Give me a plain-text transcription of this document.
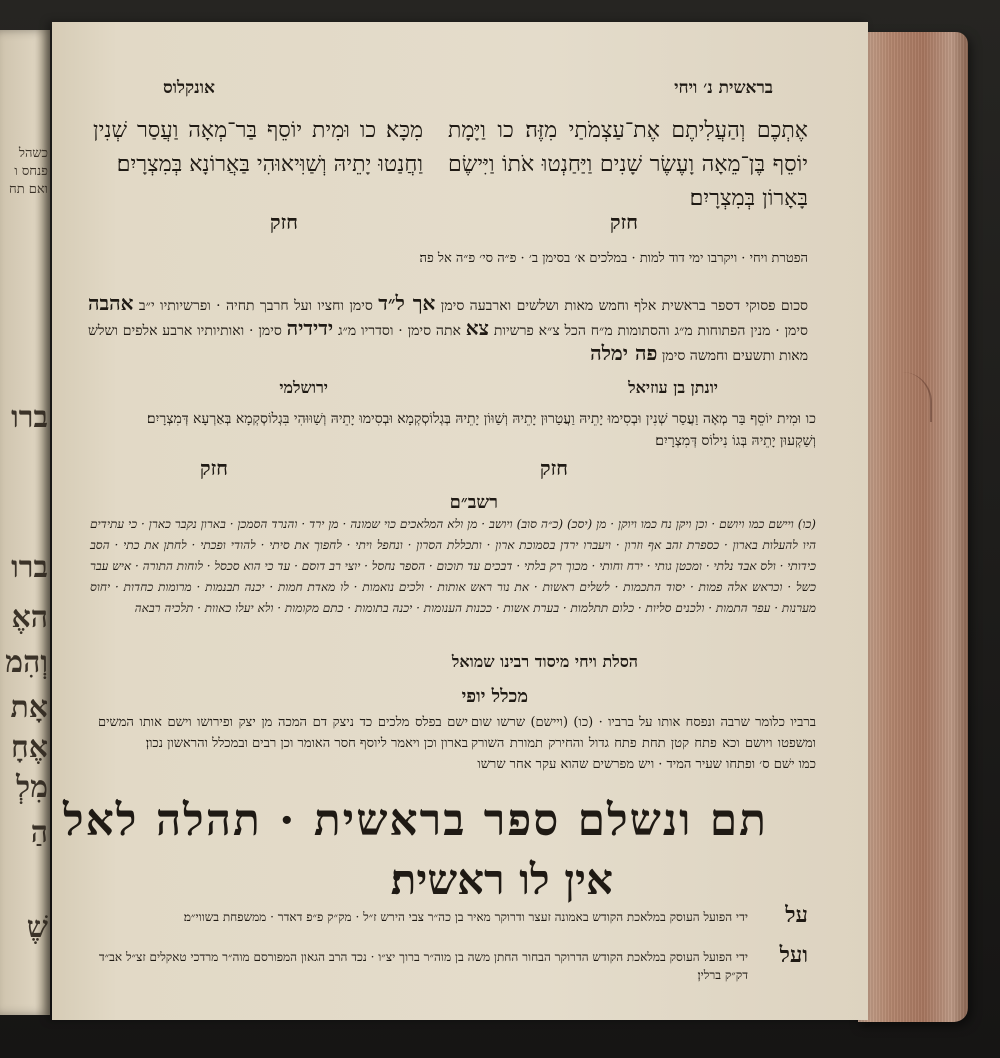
כשהל
פנחס ו
ואם תח
ברו
ברו
האֶ
וְהִמ
אָת
אֶחָ
מִלְ
הַ
שֶׁ
בראשית נ׳ ויחי
אונקלוס
אֶתְכֶם וְהַעֲלִיתֶם אֶת־עַצְמֹתַי מִזֶּה׃ כו וַיָּמָת יוֹסֵף בֶּן־מֵאָה וָעֶשֶׂר שָׁנִים וַיַּחַנְטוּ אֹתוֹ וַיִּישֶׂם בָּאָרוֹן בְּמִצְרָיִם׃
מִכָּא׃ כו וּמִית יוֹסֵף בַּר־מְאָה וַעֲסַר שְׁנִין וַחֲנַטוּ יָתֵיהּ וְשַׁוִּיאוּהִי בַּאֲרוֹנָא בְּמִצְרָיִם׃
חזק
חזק
הפטרת ויחי · ויקרבו ימי דוד למות · במלכים א׳ בסימן ב׳ · פ״ה סי׳ פ״ה אל פה׃
סכום פסוקי דספר בראשית אלף וחמש מאות ושלשים וארבעה סימן אך ל״ד סימן וחציו ועל חרבך תחיה · ופרשיותיו י״ב אהבה סימן · מנין הפתוחות מ״ג והסתומות מ״ח הכל צ״א פרשיות צא אתה סימן · וסדריו מ״ג ידידיה סימן · ואותיותיו ארבע אלפים ושלש מאות ותשעים וחמשה סימן פה ימלה
יונתן בן עוזיאל
ירושלמי
כו וּמִית יוֹסֵף בַּר מְאָה וַעֲסַר שְׁנִין וּבְסִימוּ יָתֵיהּ וַעֲטַרוּן יָתֵיהּ וְשַׁוּוֹן יָתֵיהּ בְּגְלוֹסְקְמָא וְשַׁקְעוּן יָתֵיהּ בְּגוֹ נִילוֹס דְּמִצְרָיִם׃
וּבְסִימוּ יָתֵיהּ וְשַׁוּוּהִי בִּגְלוֹסְקְמָא בְּאַרְעָא דְּמִצְרָיִם׃
חזק
חזק
רשב״ם
(כו) ויישם כמו ויושם · וכן ויקן נח כמו ויוקן · מן (יסכ) (כ״ה סוב) ויושב · מן ולא המלאכים כוי שמונה · מן ירד · והנרד הסמכן · בארון נקבר כארן · כי עתידים היו להעלות בארון · כספרת זהב אף וזרון · ויעברו ירדן בסמוכת ארון · ותכללת הסרון · ונחפל ויתי · לחפוך את סיתי · להודי ופכתי · לחתן את כתי · הסב כידותי · ולס אבד נלתי · ומכטן גותי · ירח וחותי · מכוך רק בלתי · דבכים עד תוכום · הספר נחסל · יוצי רב דוסם · עד כי הוא סכסל · לוחות התורה · איש עבר כשל · וכראש אלה פמות · יסוד התכמות · לשלים ראשות · את נור ראש אותות · ולכים נואמות · לו מאדת חמות · יכנה תבנמות · מרומות כחדות · יחוס מערנות · עפר התמות · ולכנים סליות · כלום תתלמות · בערת אשות · ככנות הענומות · יכנה בתומות · כתם מקומות · ולא יעלו כאוות · תלכיה רבאה
הסלת ויחי מיסוד רבינו שמואל
מכלל יופי
ברביו כלומר שרבה ונפסח אותו על ברביו · (כו) (ויישם) שרשו שום ומשפטו ויושם וכא פתח קטן תחת פתח גדול והחירק תמורת השורק כמו ישׁם ס׳ ופתחו שעיר המיד · ויש מפרשים שהוא עקר אחר שרשו
ישם בפלס מלכים כד ניצק דם המכה מן יצק ופירושו וישם אותו המשים בארון וכן ויאמר ליוסף חסר האומר וכן רבים ובמכלל והראשון נכון׃
תם ונשלם ספר בראשית · תהלה לאל
אין לו ראשית׃
על
ידי הפועל העוסק במלאכת הקודש באמונה זעצר ודרוקר מאיר בן כה״ר צבי הירש ז״ל · מק״ק פ״פ דאדר · ממשפחת בשווי״מ׃
ועל
ידי הפועל העוסק במלאכת הקודש הדרוקר הבחור החתן משה בן מוה״ר ברוך יצ״ו · נכד הרב הגאון המפורסם מוה״ר מרדכי טאקלים זצ״ל אב״ד דק״ק ברלין׃
